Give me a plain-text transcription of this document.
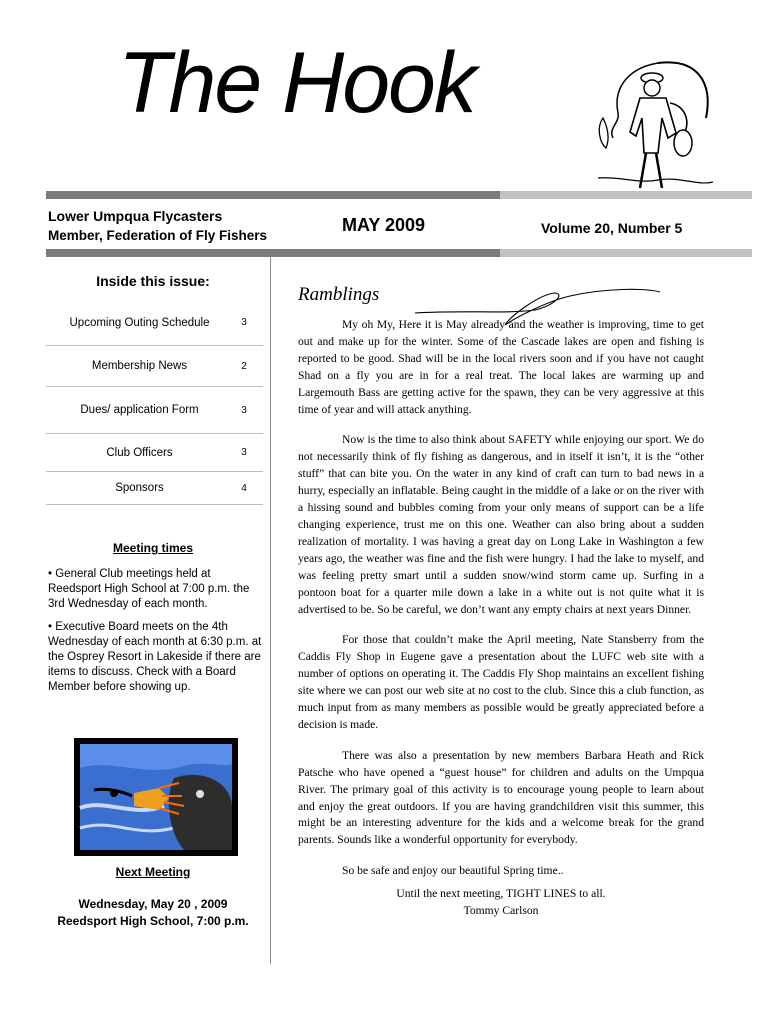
The Hook
Lower Umpqua Flycasters
Member, Federation of Fly Fishers
MAY 2009	Volume 20, Number 5
Inside this issue:
Upcoming Outing Schedule	3
Membership News	2
Dues/ application Form	3
Club Officers	3
Sponsors	4
Meeting times

• General Club meetings held at Reedsport High School at 7:00 p.m. the 3rd Wednesday of each month.

• Executive Board meets on the 4th Wednesday of each month at 6:30 p.m. at the Osprey Resort in Lakeside if there are items to discuss. Check with a Board Member before showing up.

Next Meeting
Wednesday, May 20 , 2009
Reedsport High School, 7:00 p.m.
Ramblings

My oh My, Here it is May already and the weather is improving, time to get out and make up for the winter. Some of the Cascade lakes are open and fishing is reported to be good. Shad will be in the local rivers soon and if you have not caught Shad on a fly you are in for a real treat. The local lakes are warming up and Largemouth Bass are getting active for the spawn, they can be very aggressive at this time of year and will attack anything.

Now is the time to also think about SAFETY while enjoying our sport. We do not necessarily think of fly fishing as dangerous, and in itself it isn’t, it is the “other stuff” that can bite you. On the water in any kind of craft can turn to bad news in a hurry, especially an inflatable. Being caught in the middle of a lake or on the river with a hissing sound and bubbles coming from your only means of support can be a life changing experience, trust me on this one. Weather can also bring about a sudden realization of mortality. I was having a great day on Long Lake in Washington a few years ago, the weather was fine and the fish were hungry. I had the lake to myself, and was feeling pretty smart until a sudden snow/wind storm came up. Surfing in a pontoon boat for a quarter mile down a lake in a white out is not quite what it is advertised to be. So be careful, we don’t want any empty chairs at next years Dinner.

For those that couldn’t make the April meeting, Nate Stansberry from the Caddis Fly Shop in Eugene gave a presentation about the LUFC web site with a number of options on operating it. The Caddis Fly Shop maintains an excellent fishing site where we can post our web site at no cost to the club. Since this a club function, as much input from as many members as possible would be greatly appreciated before a decision is made.

There was also a presentation by new members Barbara Heath and Rick Patsche who have opened a “guest house” for children and adults on the Umpqua River. The primary goal of this activity is to encourage young people to learn about and enjoy the great outdoors. If you are having grandchildren visit this summer, this might be an interesting adventure for the kids and a welcome break for the grand parents. Sounds like a wonderful opportunity for everybody.

So be safe and enjoy our beautiful Spring time..

Until the next meeting, TIGHT LINES to all.
Tommy Carlson
